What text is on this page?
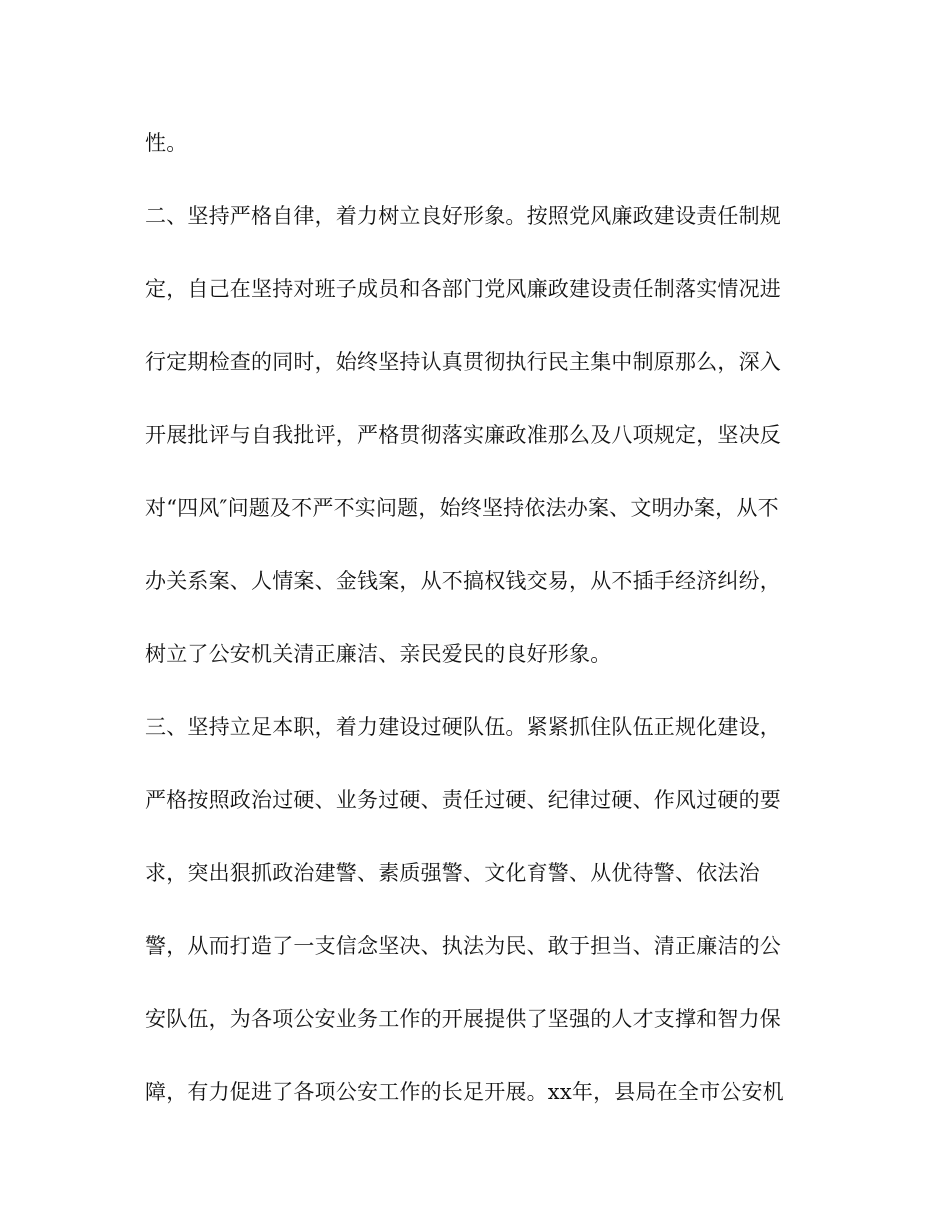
性。
二、坚持严格自律，着力树立良好形象。按照党风廉政建设责任制规
定，自己在坚持对班子成员和各部门党风廉政建设责任制落实情况进
行定期检查的同时，始终坚持认真贯彻执行民主集中制原那么，深入
开展批评与自我批评，严格贯彻落实廉政准那么及八项规定，坚决反
对“四风″问题及不严不实问题，始终坚持依法办案、文明办案，从不
办关系案、人情案、金钱案，从不搞权钱交易，从不插手经济纠纷，
树立了公安机关清正廉洁、亲民爱民的良好形象。
三、坚持立足本职，着力建设过硬队伍。紧紧抓住队伍正规化建设，
严格按照政治过硬、业务过硬、责任过硬、纪律过硬、作风过硬的要
求，突出狠抓政治建警、素质强警、文化育警、从优待警、依法治
警，从而打造了一支信念坚决、执法为民、敢于担当、清正廉洁的公
安队伍，为各项公安业务工作的开展提供了坚强的人才支撑和智力保
障，有力促进了各项公安工作的长足开展。xx年，县局在全市公安机
